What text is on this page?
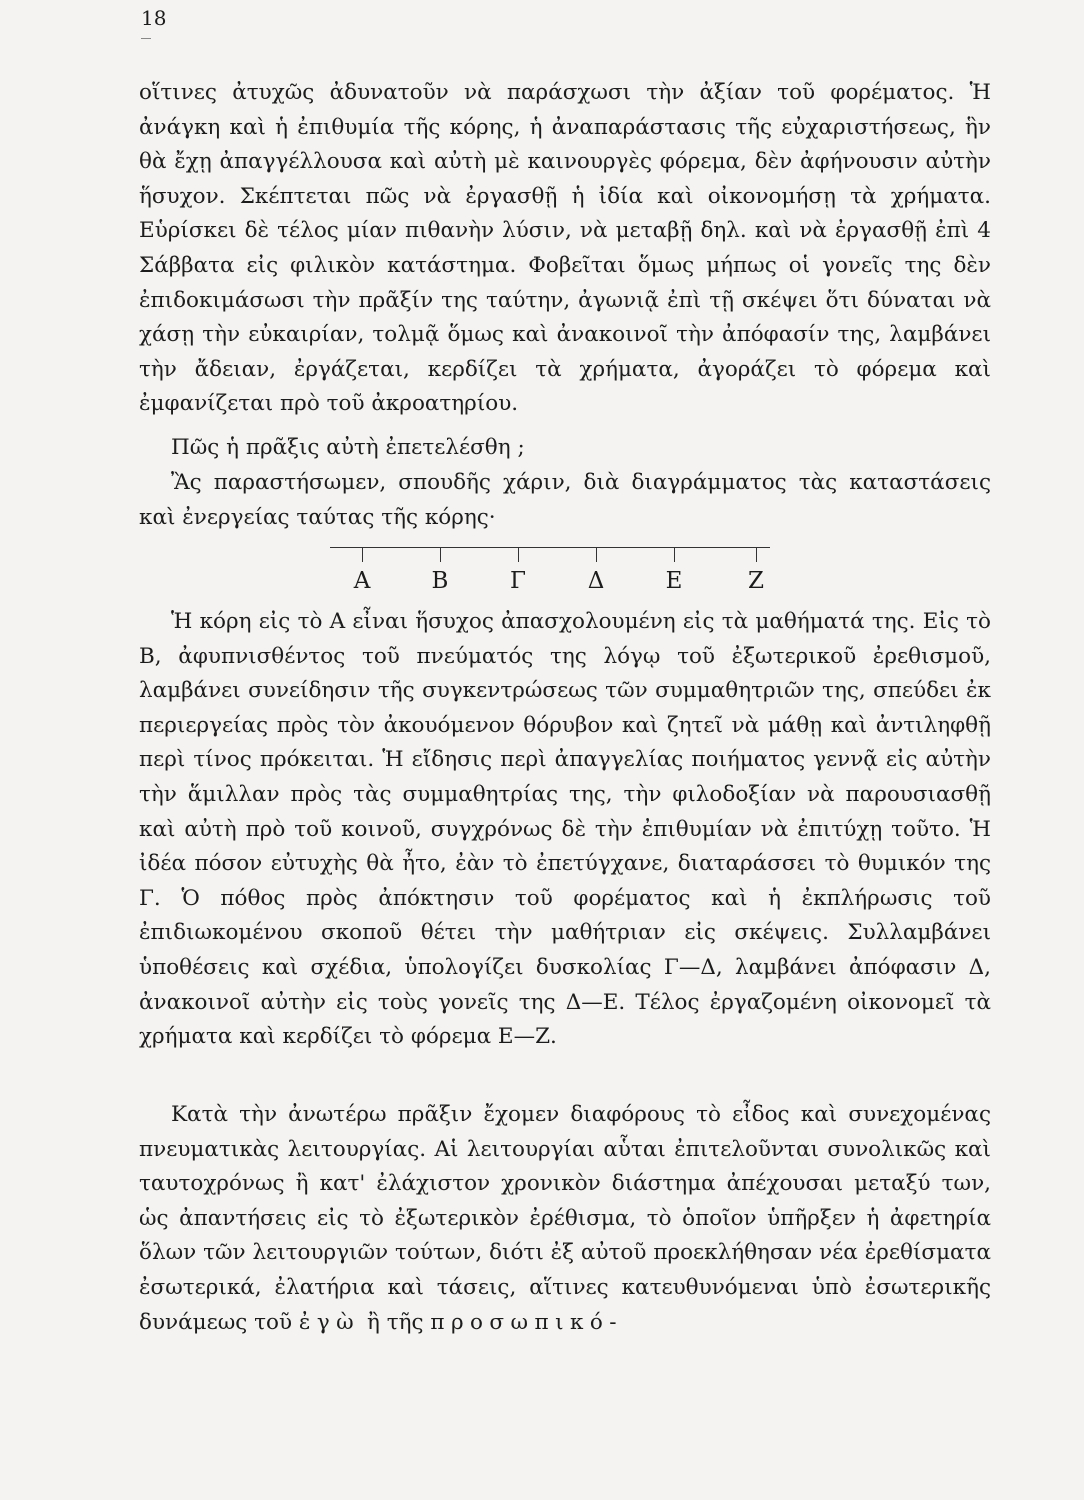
18
οἵτινες ἀτυχῶς ἀδυνατοῦν νὰ παράσχωσι τὴν ἀξίαν τοῦ φορέματος. Ἡ ἀνάγκη καὶ ἡ ἐπιθυμία τῆς κόρης, ἡ ἀναπαράστασις τῆς εὐχαριστήσεως, ἣν θὰ ἔχῃ ἀπαγγέλλουσα καὶ αὐτὴ μὲ καινουργὲς φόρεμα, δὲν ἀφήνουσιν αὐτὴν ἥσυχον. Σκέπτεται πῶς νὰ ἐργασθῇ ἡ ἰδία καὶ οἰκονομήσῃ τὰ χρήματα. Εὑρίσκει δὲ τέλος μίαν πιθανὴν λύσιν, νὰ μεταβῇ δηλ. καὶ νὰ ἐργασθῇ ἐπὶ 4 Σάββατα εἰς φιλικὸν κατάστημα. Φοβεῖται ὅμως μήπως οἱ γονεῖς της δὲν ἐπιδοκιμάσωσι τὴν πρᾶξίν της ταύτην, ἀγωνιᾷ ἐπὶ τῇ σκέψει ὅτι δύναται νὰ χάσῃ τὴν εὐκαιρίαν, τολμᾷ ὅμως καὶ ἀνακοινοῖ τὴν ἀπόφασίν της, λαμβάνει τὴν ἄδειαν, ἐργάζεται, κερδίζει τὰ χρήματα, ἀγοράζει τὸ φόρεμα καὶ ἐμφανίζεται πρὸ τοῦ ἀκροατηρίου.
Πῶς ἡ πρᾶξις αὐτὴ ἐπετελέσθη ;
Ἂς παραστήσωμεν, σπουδῆς χάριν, διὰ διαγράμματος τὰς καταστάσεις καὶ ἐνεργείας ταύτας τῆς κόρης·
Α	Β	Γ	Δ	Ε	Ζ
Ἡ κόρη εἰς τὸ Α εἶναι ἥσυχος ἀπασχολουμένη εἰς τὰ μαθήματά της. Εἰς τὸ Β, ἀφυπνισθέντος τοῦ πνεύματός της λόγῳ τοῦ ἐξωτερικοῦ ἐρεθισμοῦ, λαμβάνει συνείδησιν τῆς συγκεντρώσεως τῶν συμμαθητριῶν της, σπεύδει ἐκ περιεργείας πρὸς τὸν ἀκουόμενον θόρυβον καὶ ζητεῖ νὰ μάθῃ καὶ ἀντιληφθῇ περὶ τίνος πρόκειται. Ἡ εἴδησις περὶ ἀπαγγελίας ποιήματος γεννᾷ εἰς αὐτὴν τὴν ἅμιλλαν πρὸς τὰς συμμαθητρίας της, τὴν φιλοδοξίαν νὰ παρουσιασθῇ καὶ αὐτὴ πρὸ τοῦ κοινοῦ, συγχρόνως δὲ τὴν ἐπιθυμίαν νὰ ἐπιτύχῃ τοῦτο. Ἡ ἰδέα πόσον εὐτυχὴς θὰ ἦτο, ἐὰν τὸ ἐπετύγχανε, διαταράσσει τὸ θυμικόν της Γ. Ὁ πόθος πρὸς ἀπόκτησιν τοῦ φορέματος καὶ ἡ ἐκπλήρωσις τοῦ ἐπιδιωκομένου σκοποῦ θέτει τὴν μαθήτριαν εἰς σκέψεις. Συλλαμβάνει ὑποθέσεις καὶ σχέδια, ὑπολογίζει δυσκολίας Γ—Δ, λαμβάνει ἀπόφασιν Δ, ἀνακοινοῖ αὐτὴν εἰς τοὺς γονεῖς της Δ—Ε. Τέλος ἐργαζομένη οἰκονομεῖ τὰ χρήματα καὶ κερδίζει τὸ φόρεμα Ε—Ζ.
Κατὰ τὴν ἀνωτέρω πρᾶξιν ἔχομεν διαφόρους τὸ εἶδος καὶ συνεχομένας πνευματικὰς λειτουργίας. Αἱ λειτουργίαι αὗται ἐπιτελοῦνται συνολικῶς καὶ ταυτοχρόνως ἢ κατ' ἐλάχιστον χρονικὸν διάστημα ἀπέχουσαι μεταξύ των, ὡς ἀπαντήσεις εἰς τὸ ἐξωτερικὸν ἐρέθισμα, τὸ ὁποῖον ὑπῆρξεν ἡ ἀφετηρία ὅλων τῶν λειτουργιῶν τούτων, διότι ἐξ αὐτοῦ προεκλήθησαν νέα ἐρεθίσματα ἐσωτερικά, ἐλατήρια καὶ τάσεις, αἵτινες κατευθυνόμεναι ὑπὸ ἐσωτερικῆς δυνάμεως τοῦ ἐγὼ ἢ τῆς προσωπικό-
